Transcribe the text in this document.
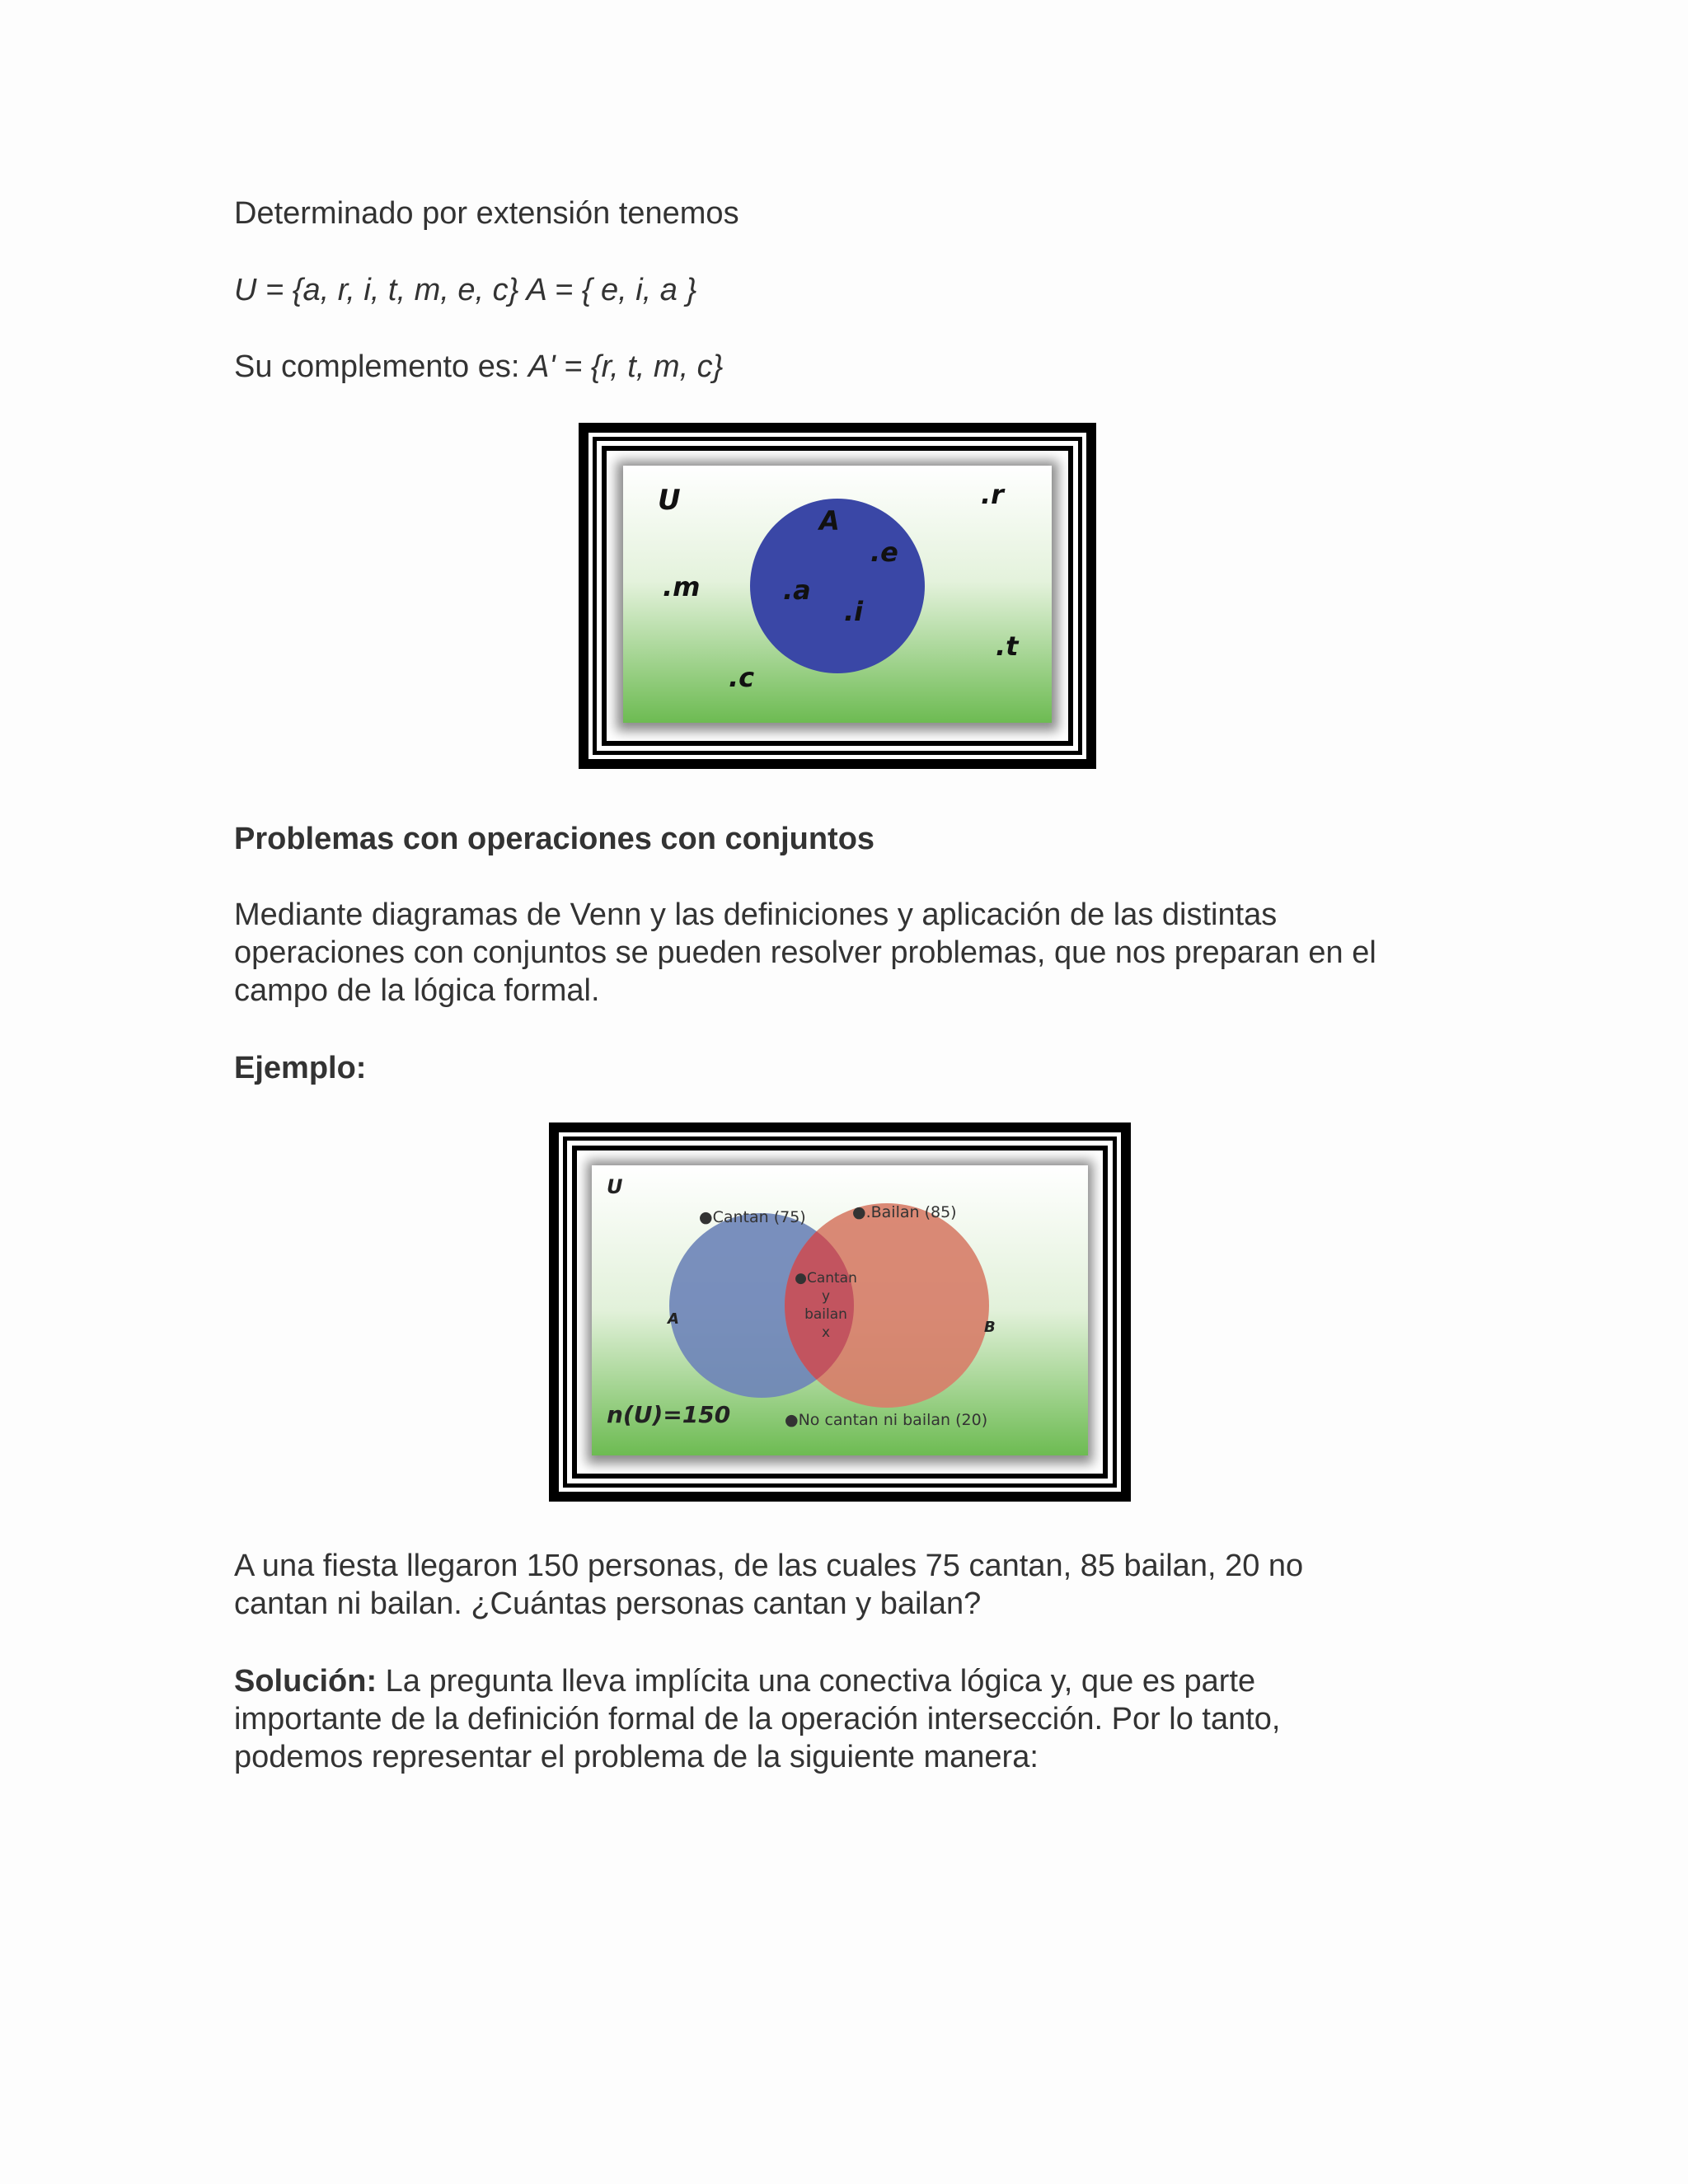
Determinado por extensión tenemos

U = {a, r, i, t, m, e, c} A = { e, i, a }

Su complemento es: A' = {r, t, m, c}

U
A
.e
.a
.i
.r
.m
.t
.c

Problemas con operaciones con conjuntos

Mediante diagramas de Venn y las definiciones y aplicación de las distintas

operaciones con conjuntos se pueden resolver problemas, que nos preparan en el

campo de la lógica formal.

Ejemplo:

U
●Cantan (75)	●.Bailan (85)
●Cantan
y
bailan
x
A	B
n(U)=150	●No cantan ni bailan (20)

A una fiesta llegaron 150 personas, de las cuales 75 cantan, 85 bailan, 20 no

cantan ni bailan. ¿Cuántas personas cantan y bailan?

Solución: La pregunta lleva implícita una conectiva lógica y, que es parte

importante de la definición formal de la operación intersección. Por lo tanto,

podemos representar el problema de la siguiente manera:
